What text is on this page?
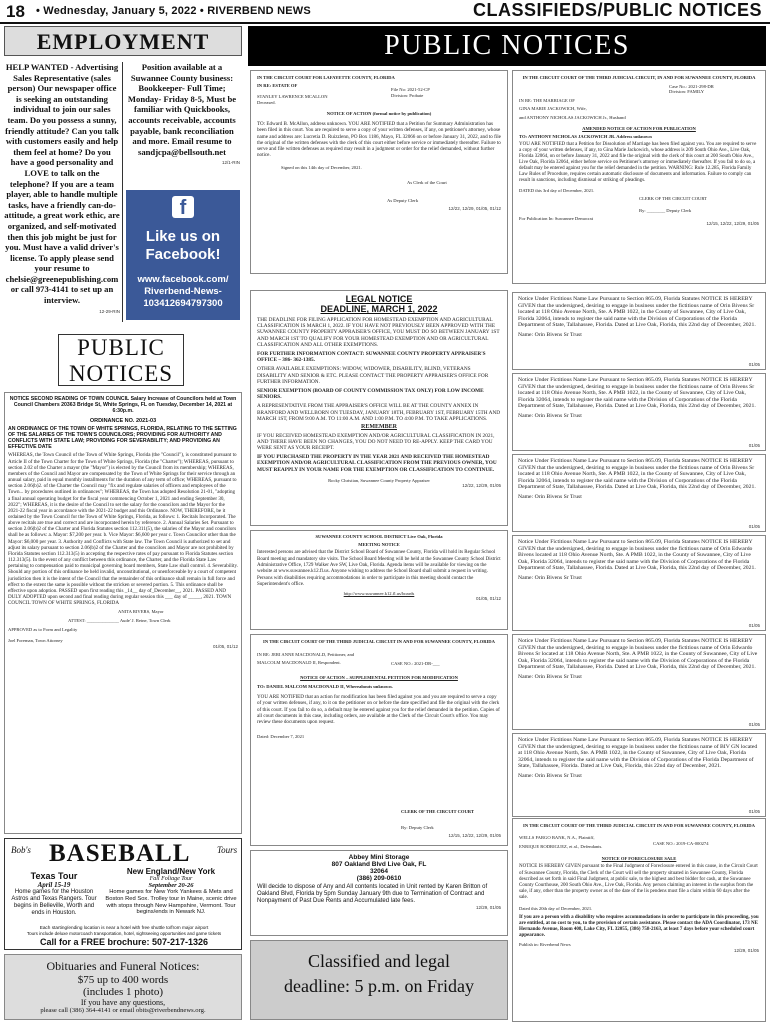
18 • Wednesday, January 5, 2022 • RIVERBEND NEWS	CLASSIFIEDS/PUBLIC NOTICES
EMPLOYMENT	PUBLIC NOTICES
HELP WANTED - Advertising Sales Representative (sales person) Our newspaper office is seeking an outstanding individual to join our sales team. Do you possess a sunny, friendly attitude? Can you talk with customers easily and help them feel at home? Do you have a good personality and LOVE to talk on the telephone? If you are a team player, able to handle multiple tasks, have a friendly can-do- attitude, a great work ethic, are organized, and self-motivated then this job might be just for you. Must have a valid driver's license. To apply please send your resume to chelsie@greenepublishing.com or call 973-4141 to set up an interview.
12-29-RIN
Position available at a Suwannee County business: Bookkeeper- Full Time; Monday- Friday 8-5, Must be familiar with Quickbooks, accounts receivable, accounts payable, bank reconciliation and more. Email resume to sandjcpa@bellsouth.net
12/1-RIN
f
Like us on
Facebook!
www.facebook.com/ Riverbend-News- 103412694797300
PUBLIC NOTICES
NOTICE SECOND READING OF TOWN COUNCIL Salary Increase of Councilors held at Town Council Chambers 20363 Bridge St, White Springs, FL on Tuesday, December 14, 2021 at 6:30p.m.
ORDINANCE NO. 2021-03
AN ORDINANCE OF THE TOWN OF WHITE SPRINGS, FLORIDA, RELATING TO THE SETTING OF THE SALARIES OF THE TOWN'S COUNCILORS; PROVIDING FOR AUTHORITY AND CONFLICTS WITH STATE LAW; PROVIDING FOR SEVERABILITY; AND PROVIDING AN EFFECTIVE DATE
WHEREAS, the Town Council of the Town of White Springs, Florida (the "Council"), is constituted pursuant to Article II of the Town Charter for the Town of White Springs, Florida (the "Charter"); WHEREAS, pursuant to section 2.02 of the Charter a mayor (the "Mayor") is elected by the Council from its membership; WHEREAS, members of the Council and Mayor are compensated by the Town of White Springs for their service through an annual salary, paid in equal monthly installments for the duration of any term of office; WHEREAS, pursuant to section 2.06(b)2. of the Charter the Council may "fix and regulate salaries of officers and employees of the Town... by procedures outlined in ordinances"; WHEREAS, the Town has adopted Resolution 21-01, "adopting a final annual operating budget for the fiscal year commencing October 1, 2021 and ending September 30, 2022"; WHEREAS, it is the desire of the Council to set the salary for the councilors and the Mayor for the 2021-22 fiscal year in accordance with the 2021-22 budget and this Ordinance. NOW, THEREFORE, be it ordained by the Town Council for the Town of White Springs, Florida, as follows: 1. Recitals Incorporated. The above recitals are true and correct and are incorporated herein by reference. 2. Annual Salaries Set. Pursuant to section 2.06(b)2 of the Charter and Florida Statutes section 112.311(5), the salaries of the Mayor and councilors shall be as follows: a. Mayor: $7,200 per year. b. Vice Mayor: $6,600 per year c. Town Councilor other than the Mayor: $6,000 per year. 3. Authority and Conflicts with State law. The Town Council is authorized to set and adjust its salary pursuant to section 2.06(b)2 of the Charter and the councilors and Mayor are not prohibited by Florida Statutes section 112.313(5) in accepting the respective rates of pay pursuant to Florida Statutes section 112.313(5). In the event of any conflict between this ordinance, the Charter, and the Florida State Law pertaining to compensation paid to municipal governing board members, State Law shall control. 4. Severability. Should any portion of this ordinance be held invalid, unconstitutional, or unenforceable by a court of competent jurisdiction then it is the intent of the Council that the remainder of this ordinance shall remain in full force and effect to the extent the same is possible without the stricken or severed portion. 5. This ordinance shall be effective upon adoption. PASSED upon first reading this _14__ day of_December__, 2021. PASSED AND DULY ADOPTED upon second and final reading during regular session this ___ day of _____, 2021. TOWN COUNCIL TOWN OF WHITE SPRINGS, FLORIDA
ANITA RIVERS, Mayor
ATTEST: ______________ Aude' J. Reine, Town Clerk
APPROVED as to Form and Legality
Joel Foreman, Town Attorney
01/05, 01/12
Bob's BASEBALL	Tours
Texas Tour
April 15-19
Home games for the Houston Astros and Texas Rangers. Tour begins in Belleville, Worth and ends in Houston.
New England/New York
Fall Foliage Tour
September 20-26
Home games for New York Yankees & Mets and Boston Red Sox. Trolley tour in Maine, scenic drive with stops through New Hampshire, Vermont. Tour begins/ends in Newark NJ.
Each starting/ending location is near a hotel with free shuttle to/from major airport
Tours include deluxe motorcoach transportation, hotel, sightseeing opportunities and game tickets
Call for a FREE brochure: 507-217-1326
Obituaries and Funeral Notices:
$75 up to 400 words
(includes 1 photo)
If you have any questions,
please call (386) 364-4141 or email obits@riverbendnews.org.
IN THE CIRCUIT COURT FOR LAFAYETTE COUNTY, FLORIDA
IN RE: ESTATE OF
File No: 2021-52-CP
Division: Probate
STANLEY LAWRENCE MCALLON Deceased.
NOTICE OF ACTION (formal notice by publication)
TO: Edward B. McAllon, address unknown. YOU ARE NOTIFIED that a Petition for Summary Administration has been filed in this court. You are required to serve a copy of your written defenses, if any, on petitioner's attorney, whose name and address are: Lucretia D. Ruizzlenn, PO Box 1186, Mayo, FL 32066 on or before January 31, 2022, and to file the original of the written defenses with the clerk of this court either before service or immediately thereafter. Failure to serve and file written defenses as required may result in a judgment or order for the relief demanded, without further notice.
Signed on this 14th day of December, 2021.
As Clerk of the Court
As Deputy Clerk
12/22, 12/29, 01/05, 01/12
IN THE CIRCUIT COURT OF THE THIRD JUDICIAL CIRCUIT, IN AND FOR SUWANNEE COUNTY, FLORIDA
Case No.: 2021-298-DR
Division: FAMILY
IN RE: THE MARRIAGE OF
GINA MARIE JACKOWICH, Wife,
and ANTHONY NICHOLAS JACKOWICH Jr., Husband
AMENDED NOTICE OF ACTION FOR PUBLICATION
TO: ANTHONY NICHOLAS JACKOWICH JR. Address unknown
YOU ARE NOTIFIED that a Petition for Dissolution of Marriage has been filed against you. You are required to serve a copy of your written defenses, if any, to Gina Marie Jackowich, whose address is 209 South Ohio Ave., Live Oak, Florida 32064, on or before January 31, 2022 and file the original with the clerk of this court at 200 South Ohio Ave., Live Oak, Florida 32064, either before service on Petitioner's attorney or immediately thereafter. If you fail to do so, a default may be entered against you for the relief demanded in the petition. WARNING: Rule 12.285, Florida Family Law Rules of Procedure, requires certain automatic disclosure of documents and information. Failure to comply can result in sanctions, including dismissal or striking of pleadings.
DATED this 3rd day of December, 2021.
CLERK OF THE CIRCUIT COURT
By: ________ Deputy Clerk
For Publication In: Suwannee Democrat
12/15, 12/22, 12/29, 01/05
LEGAL NOTICE
DEADLINE, MARCH 1, 2022
THE DEADLINE FOR FILING APPLICATION FOR HOMESTEAD EXEMPTION AND AGRICULTURAL CLASSIFICATION IS MARCH 1, 2022. IF YOU HAVE NOT PREVIOUSLY BEEN APPROVED WITH THE SUWANNEE COUNTY PROPERTY APPRAISER'S OFFICE, YOU MUST DO SO BETWEEN JANUARY 1ST AND MARCH 1ST TO QUALIFY FOR YOUR HOMESTEAD EXEMPTION AND OR AGRICULTURAL CLASSIFICATION AND ALL OTHER EXEMPTIONS.
FOR FURTHER INFORMATION CONTACT: SUWANNEE COUNTY PROPERTY APPRAISER'S OFFICE – 386- 362-1385.
OTHER AVAILABLE EXEMPTIONS: WIDOW, WIDOWER, DISABILITY, BLIND, VETERANS DISABILITY AND SENIOR & ETC. PLEASE CONTACT THE PROPERTY APPRAISER'S OFFICE FOR FURTHER INFORMATION.
SENIOR EXEMPTION (BOARD OF COUNTY COMMISSION TAX ONLY) FOR LOW INCOME SENIORS.
A REPRESENTATIVE FROM THE APPRAISER'S OFFICE WILL BE AT THE COUNTY ANNEX IN BRANFORD AND WELLBORN ON TUESDAY, JANUARY 18TH, FEBRUARY 1ST, FEBRUARY 15TH AND MARCH 1ST, FROM 9:00 A.M. TO 11:00 A.M. AND 1:00 P.M. TO 4:00 P.M. TO TAKE APPLICATIONS.
REMEMBER
IF YOU RECEIVED HOMESTEAD EXEMPTION AND/OR AGRICULTURAL CLASSIFICATION IN 2021, AND THERE HAVE BEEN NO CHANGES, YOU DO NOT NEED TO RE-APPLY. KEEP THE CARD YOU WERE SENT AS YOUR RECEIPT.
IF YOU PURCHASED THE PROPERTY IN THE YEAR 2021 AND RECEIVED THE HOMESTEAD EXEMPTION AND/OR AGRICULTURAL CLASSIFICATION FROM THE PREVIOUS OWNER, YOU MUST REAPPLY IN YOUR NAME FOR THE EXEMPTION OR CLASSIFICATION TO CONTINUE.
Rocky Christian, Suwannee County Property Appraiser
12/22, 12/29, 01/05
SUWANNEE COUNTY SCHOOL DISTRICT Live Oak, Florida
MEETING NOTICE
Interested persons are advised that the District School Board of Suwannee County, Florida will hold its Regular School Board meeting and mandatory site visits. The School Board Meeting will be held at the Suwannee County School District Administrative Office, 1729 Walker Ave SW, Live Oak, Florida. Agenda items will be available for viewing on the website at www.suwannee.k12.fl.us. Anyone wishing to address the School Board shall submit a request in writing. Persons with disabilities requiring accommodations in order to participate in this meeting should contact the Superintendent's office.
http://www.suwannee.k12.fl.us/boards
01/05, 01/12
IN THE CIRCUIT COURT OF THE THIRD JUDICIAL CIRCUIT IN AND FOR SUWANNEE COUNTY, FLORIDA
IN RE: JERI ANNE MACDONALD, Petitioner, and MALCOLM MACDONALD II, Respondent.	CASE NO.: 2021-DR-___
NOTICE OF ACTION – SUPPLEMENTAL PETITION FOR MODIFICATION
TO: DANIEL MALCOM MACDONALD II, Whereabouts unknown.
YOU ARE NOTIFIED that an action for modification has been filed against you and you are required to serve a copy of your written defenses, if any, to it on the petitioner on or before the date specified and file the original with the clerk of this court. If you fail to do so, a default may be entered against you for the relief demanded in the petition. Copies of all court documents in this case, including orders, are available at the Clerk of the Circuit Court's office. You may review these documents upon request.
Dated: December 7, 2021
CLERK OF THE CIRCUIT COURT
By: Deputy Clerk
12/15, 12/22, 12/29, 01/05
Abbey Mini Storage
807 Oakland Blvd Live Oak, FL 32064
(386) 209-0610
Will decide to dispose of Any and All contents located in Unit rented by Karen Britton of Oakland Blvd, Florida by 5pm Sunday January 9th due to Termination of Contract and Nonpayment of Past Due Rents and Accumulated late fees.
12/29, 01/05
Classified and legal
deadline: 5 p.m. on Friday
Notice Under Fictitious Name Law Pursuant to Section 865.09, Florida Statutes NOTICE IS HEREBY GIVEN that the undersigned, desiring to engage in business under the fictitious name of Orin Bivens Sr located at 118 Ohio Avenue North, Ste. A PMB 1022, in the County of Suwannee, City of Live Oak, Florida 32064, intends to register the said name with the Division of Corporations of the Florida Department of State, Tallahassee, Florida. Dated at Live Oak, Florida, this 22nd day of December, 2021.
Name: Orin Bivens Sr Trust
01/05
Notice Under Fictitious Name Law Pursuant to Section 865.09, Florida Statutes NOTICE IS HEREBY GIVEN that the undersigned, desiring to engage in business under the fictitious name of Orin Bivens Sr located at 118 Ohio Avenue North, Ste. A PMB 1022, in the County of Suwannee, City of Live Oak, Florida 32064, intends to register the said name with the Division of Corporations of the Florida Department of State, Tallahassee, Florida. Dated at Live Oak, Florida, this 22nd day of December, 2021.
Name: Orin Bivens Sr Trust
01/05
Notice Under Fictitious Name Law Pursuant to Section 865.09, Florida Statutes NOTICE IS HEREBY GIVEN that the undersigned, desiring to engage in business under the fictitious name of Orin Bivens Sr located at 118 Ohio Avenue North, Ste. A PMB 1022, in the County of Suwannee, City of Live Oak, Florida 32064, intends to register the said name with the Division of Corporations of the Florida Department of State, Tallahassee, Florida. Dated at Live Oak, Florida, this 22nd day of December, 2021.
Name: Orin Bivens Sr Trust
01/05
Notice Under Fictitious Name Law Pursuant to Section 865.09, Florida Statutes NOTICE IS HEREBY GIVEN that the undersigned, desiring to engage in business under the fictitious name of Orin Edwardo Bivens located at 118 Ohio Avenue North, Ste. A PMB 1022, in the County of Suwannee, City of Live Oak, Florida 32064, intends to register the said name with the Division of Corporations of the Florida Department of State, Tallahassee, Florida. Dated at Live Oak, Florida, this 22nd day of December, 2021.
Name: Orin Bivens Sr Trust
01/05
Notice Under Fictitious Name Law Pursuant to Section 865.09, Florida Statutes NOTICE IS HEREBY GIVEN that the undersigned, desiring to engage in business under the fictitious name of Orin Edwardo Bivens Sr located at 118 Ohio Avenue North, Ste. A PMB 1022, in the County of Suwannee, City of Live Oak, Florida 32064, intends to register the said name with the Division of Corporations of the Florida Department of State, Tallahassee, Florida. Dated at Live Oak, Florida, this 22nd day of December, 2021.
Name: Orin Bivens Sr Trust
01/05
Notice Under Fictitious Name Law Pursuant to Section 865.09, Florida Statutes NOTICE IS HEREBY GIVEN that the undersigned, desiring to engage in business under the fictitious name of BIV GN located at 118 Ohio Avenue North, Ste. A PMB 1022, in the County of Suwannee, City of Live Oak, Florida 32064, intends to register the said name with the Division of Corporations of the Florida Department of State, Tallahassee, Florida. Dated at Live Oak, Florida, this 22nd day of December, 2021.
Name: Orin Bivens Sr Trust
01/05
IN THE CIRCUIT COURT OF THE THIRD JUDICIAL CIRCUIT IN AND FOR SUWANNEE COUNTY, FLORIDA
WELLS FARGO BANK, N.A., Plaintiff,
CASE NO.: 2019-CA-000274
ENRIQUE RODRIGUEZ, et al., Defendants.
NOTICE OF FORECLOSURE SALE
NOTICE IS HEREBY GIVEN pursuant to the Final Judgment of Foreclosure entered in this cause, in the Circuit Court of Suwannee County, Florida, the Clerk of the Court will sell the property situated in Suwannee County, Florida described as set forth in said Final Judgment, at public sale, to the highest and best bidder for cash, at the Suwannee County Courthouse, 200 South Ohio Ave., Live Oak, Florida. Any person claiming an interest in the surplus from the sale, if any, other than the property owner as of the date of the lis pendens must file a claim within 60 days after the sale.
Dated this 20th day of December, 2021.
If you are a person with a disability who requires accommodations in order to participate in this proceeding, you are entitled, at no cost to you, to the provision of certain assistance. Please contact the ADA Coordinator, 173 NE Hernando Avenue, Room 408, Lake City, FL 32055, (386) 758-2163, at least 7 days before your scheduled court appearance.
Publish in: Riverbend News
12/29, 01/05
